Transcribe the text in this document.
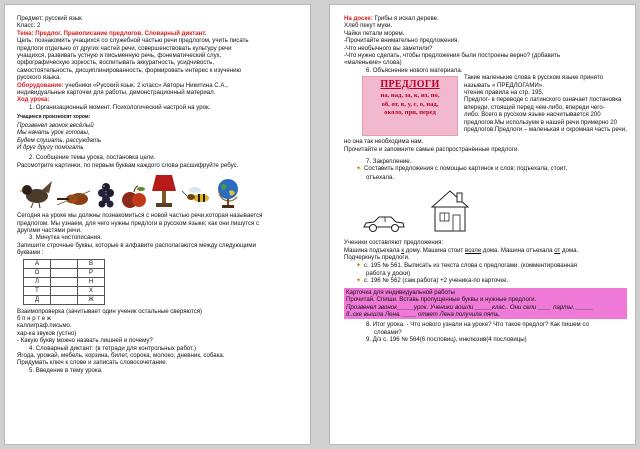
Предмет: русский язык

Класс: 2

Тема: Предлог. Правописание предлогов. Словарный диктант.

Цель: познакомить учащихся со служебной частью речи предлогом, учить писать

предлоги отдельно от других частей речи, совершенствовать культуру речи

учащихся, развивать устную и письменную речь, фонематический слух,

орфографическую зоркость, воспитывать аккуратность, усидчивость,

самостоятельность, дисциплинированность; формировать интерес к изучению

русского языка.

Оборудование: учебники «Русский язык. 2 класс» Авторы Никитина С.А.,

индивидуальные карточки для работы, демонстрационный материал.

Ход урока:

1. Организационный момент. Психологический настрой на урок.

Учащиеся произносят хором:

Прозвенел звонок весёлый

Мы начать урок готовы,

Будем слушать, рассуждать

И друг другу помогать

2. Сообщение темы урока, постановка цели.

Рассмотрите картинки, по первым буквам каждого слова расшифруйте ребус.

Сегодня на уроке мы должны познакомиться с новой частью речи,которая называется

предлогом. Мы узнаем, для чего нужны предлоги в русском языке; как они пишутся с

другими частями речи.

3. Минутка чистописания.

Запишите строчные буквы, которые в алфавите располагаются между следующими

буквами :

А		В
О		Р
Л		Н
Т		Х
Д		Ж

Взаимопроверка (зачитывает один ученик остальные сверяются)

б п н р т е ж

каллиграф.письмо.

хар-ка звуков (устно)

- Какую букву можно назвать лишней и почему?

4. Словарный диктант: (в тетради для контрольных работ.)

Ягода, урожай, мебель, корзина, билет, сорока, молоко, дневник, собака.

Придумать ключ к слове и записать словосочетание.

5. Введение в тему урока.

На доске: Грибы я искал дереве.

Хлеб пекут муки.

Чайки летали морем.

-Прочитайте внимательно предложения.

-Что необычного вы заметили?

-Что нужно сделать, чтобы предложения были построены верно? (добавить

«маленькие» слова)

6. Объяснение нового материала.

ПРЕДЛОГИ
на, над, за, к, из, по,
об, от, в, у, с, о, над,
около, при, перед

Такие маленькие слова в русском языке принято

называть « ПРЕДЛОГАМИ».

чтение правила на стр. 195.

Предлог- в переводе с латинского означает постановка

впереди, стоящий перед чем-либо, впереди чего-

либо. Всего в русском языке насчитывается 200

предлогов.Мы используем в нашей речи примерно 20

предлогов.Предлоги – маленькая и скромная часть речи,

но она так необходима нам.

Прочитайте и запомните самые распространённые предлоги.

7. Закрепление.

✦ Составить предложения с помощью картинок и слов: подъехала, стоит,

отъехала.

Ученики составляют предложения:

Машина подъехала к дому. Машина стоит возле дома. Машина отъехала от дома.

Подчеркнуть предлоги.

✦ с. 195 № 561. Выписать из текста слова с предлогами. (комментированная

работа у доски)

✦ с. 196 № 562 (сам.работа) +2 ученика-по карточке.

Карточка для индивидуальной работы

Прочитай. Спиши. Вставь пропущенные буквы и нужные предлоги.

Прозвенел звонок_____урок. Ученики вошли _____клас.. Они сели ____ парты. _____

д..ске вышла Лена. ____ ответ Лена получила пять.

8. Итог урока. - Что нового узнали на уроке? Что такое предлог? Как пишем со

словами?

9. Д/з с. 196 № 564(6 пословиц), инклюзив(4 пословицы)
